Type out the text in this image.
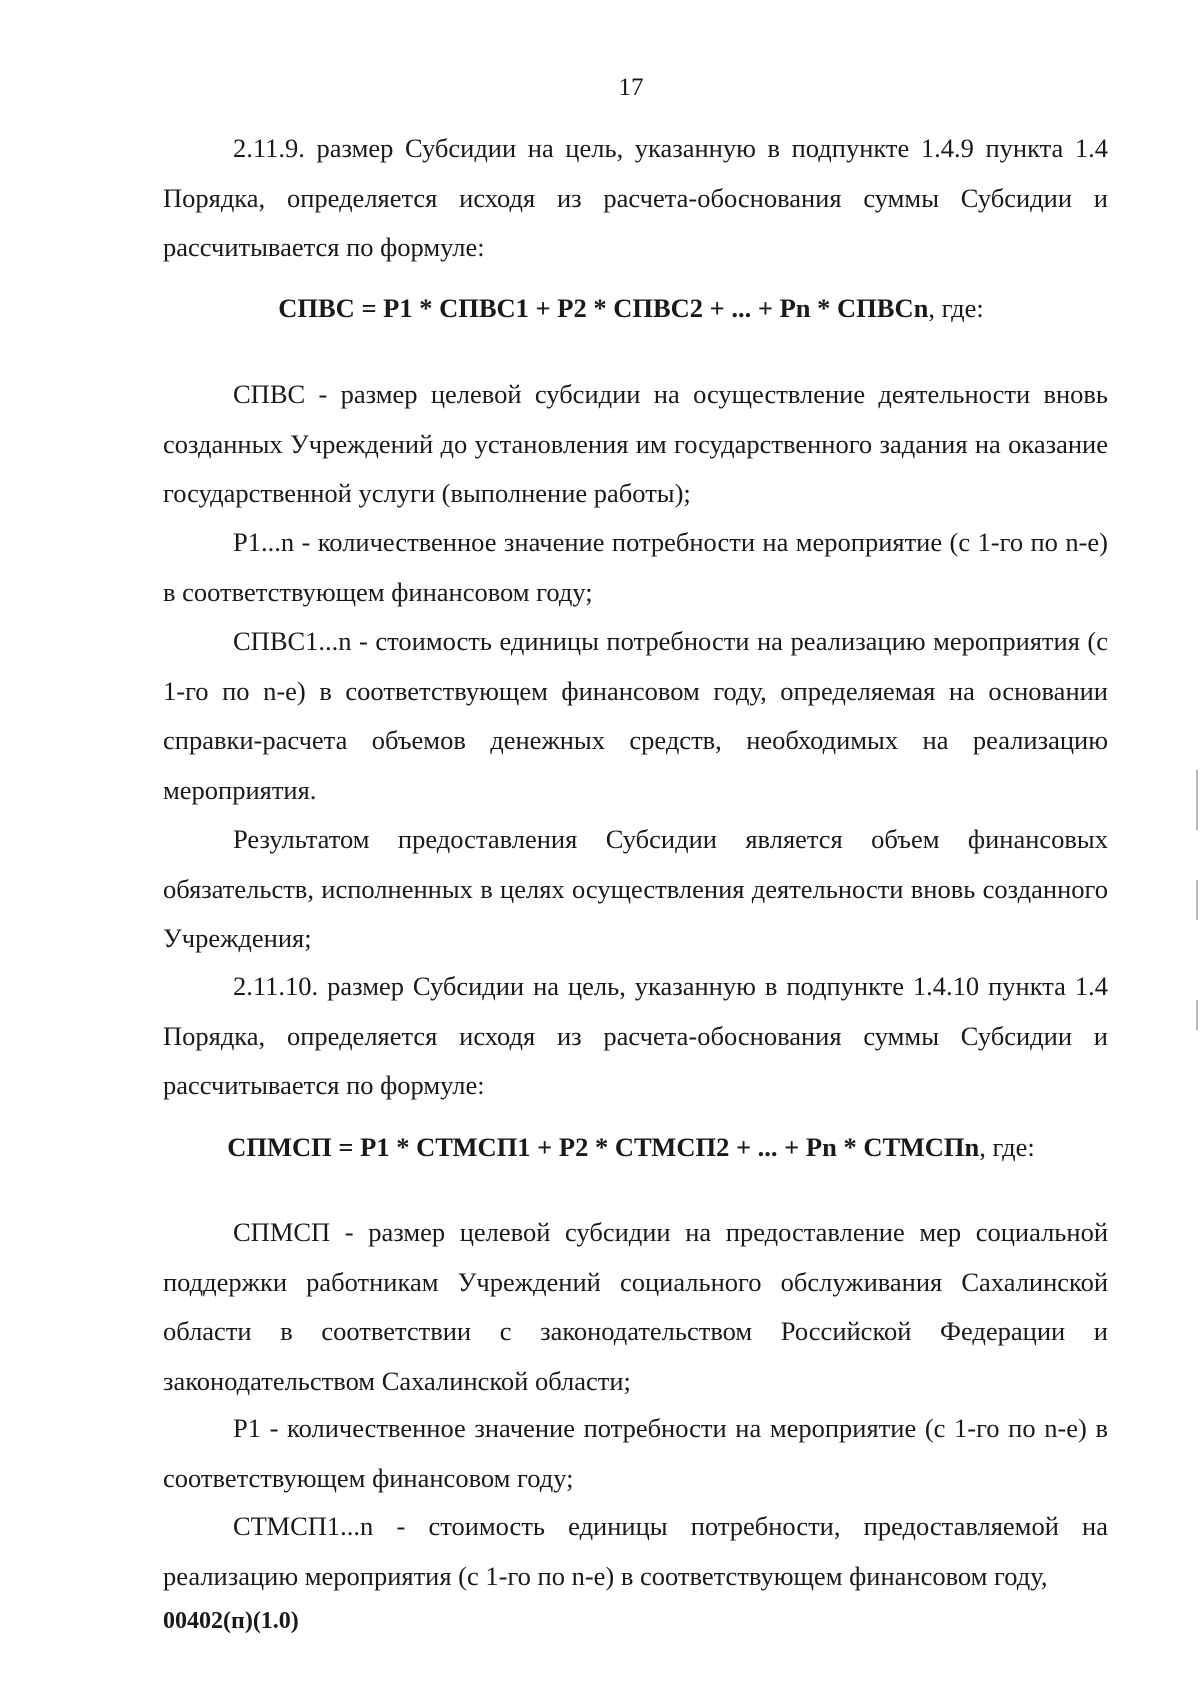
17

2.11.9. размер Субсидии на цель, указанную в подпункте 1.4.9 пункта 1.4 Порядка, определяется исходя из расчета-обоснования суммы Субсидии и рассчитывается по формуле:

СПВС = P1 * СПВС1 + P2 * СПВС2 + ... + Pn * СПВСn, где:

СПВС - размер целевой субсидии на осуществление деятельности вновь созданных Учреждений до установления им государственного задания на оказание государственной услуги (выполнение работы);

P1...n - количественное значение потребности на мероприятие (с 1-го по n-е) в соответствующем финансовом году;

СПВС1...n - стоимость единицы потребности на реализацию мероприятия (с 1-го по n-е) в соответствующем финансовом году, определяемая на основании справки-расчета объемов денежных средств, необходимых на реализацию мероприятия.

Результатом предоставления Субсидии является объем финансовых обязательств, исполненных в целях осуществления деятельности вновь созданного Учреждения;

2.11.10. размер Субсидии на цель, указанную в подпункте 1.4.10 пункта 1.4 Порядка, определяется исходя из расчета-обоснования суммы Субсидии и рассчитывается по формуле:

СПМСП = P1 * СТМСП1 + P2 * СТМСП2 + ... + Pn * СТМСПn, где:

СПМСП - размер целевой субсидии на предоставление мер социальной поддержки работникам Учреждений социального обслуживания Сахалинской области в соответствии с законодательством Российской Федерации и законодательством Сахалинской области;

P1 - количественное значение потребности на мероприятие (с 1-го по n-е) в соответствующем финансовом году;

СТМСП1...n - стоимость единицы потребности, предоставляемой на реализацию мероприятия (с 1-го по n-е) в соответствующем финансовом году,

00402(п)(1.0)
